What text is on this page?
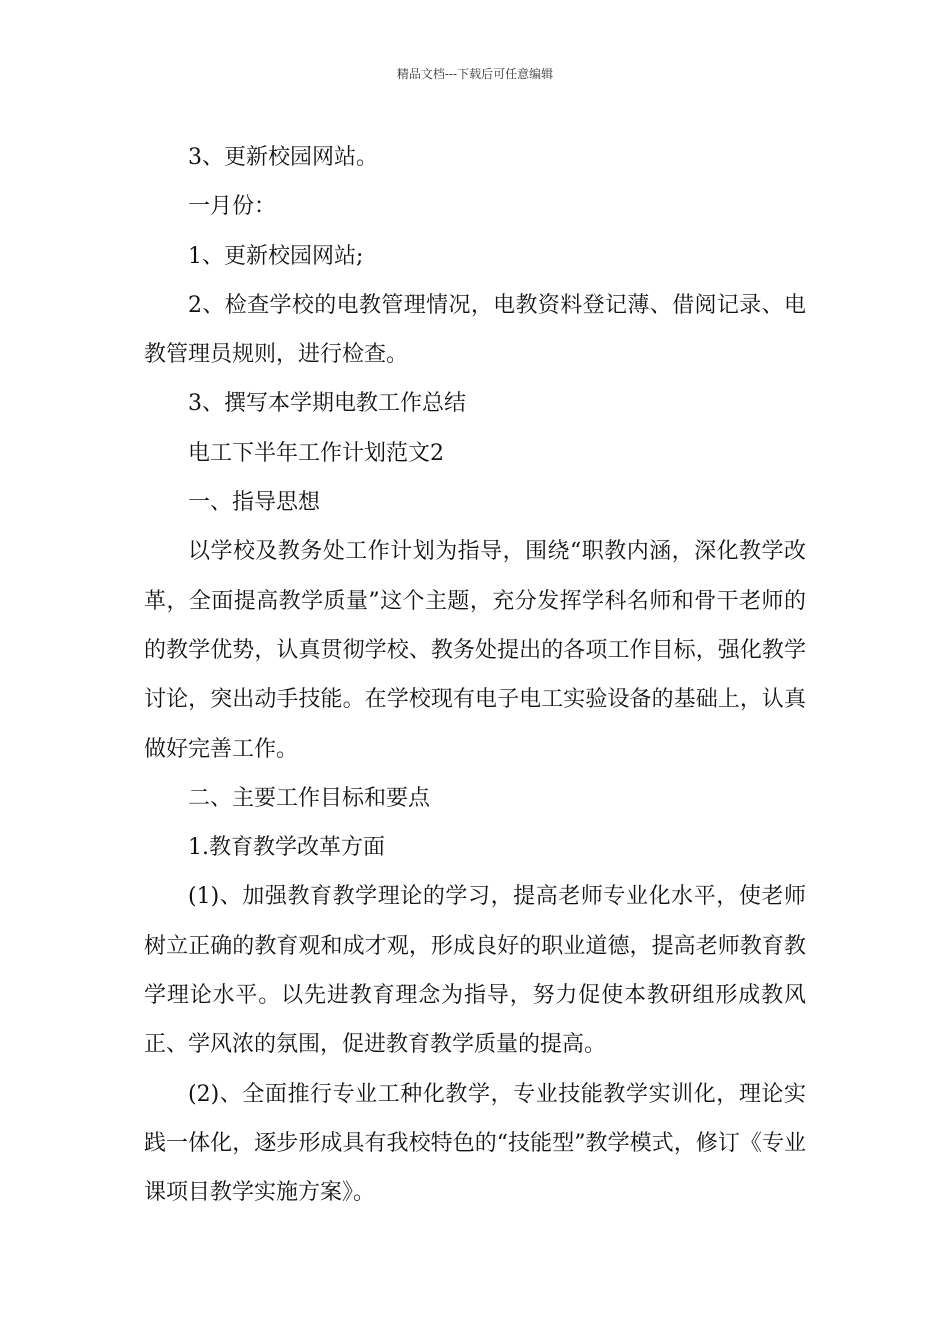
精品文档---下载后可任意编辑

3、更新校园网站。

一月份：

1、更新校园网站;

2、检查学校的电教管理情况，电教资料登记薄、借阅记录、电教管理员规则，进行检查。

3、撰写本学期电教工作总结

电工下半年工作计划范文2

一、指导思想

以学校及教务处工作计划为指导，围绕“职教内涵，深化教学改革，全面提高教学质量”这个主题，充分发挥学科名师和骨干老师的的教学优势，认真贯彻学校、教务处提出的各项工作目标，强化教学讨论，突出动手技能。在学校现有电子电工实验设备的基础上，认真做好完善工作。

二、主要工作目标和要点

1.教育教学改革方面

(1)、加强教育教学理论的学习，提高老师专业化水平，使老师树立正确的教育观和成才观，形成良好的职业道德，提高老师教育教学理论水平。以先进教育理念为指导，努力促使本教研组形成教风正、学风浓的氛围，促进教育教学质量的提高。

(2)、全面推行专业工种化教学，专业技能教学实训化，理论实践一体化，逐步形成具有我校特色的“技能型”教学模式，修订《专业课项目教学实施方案》。
